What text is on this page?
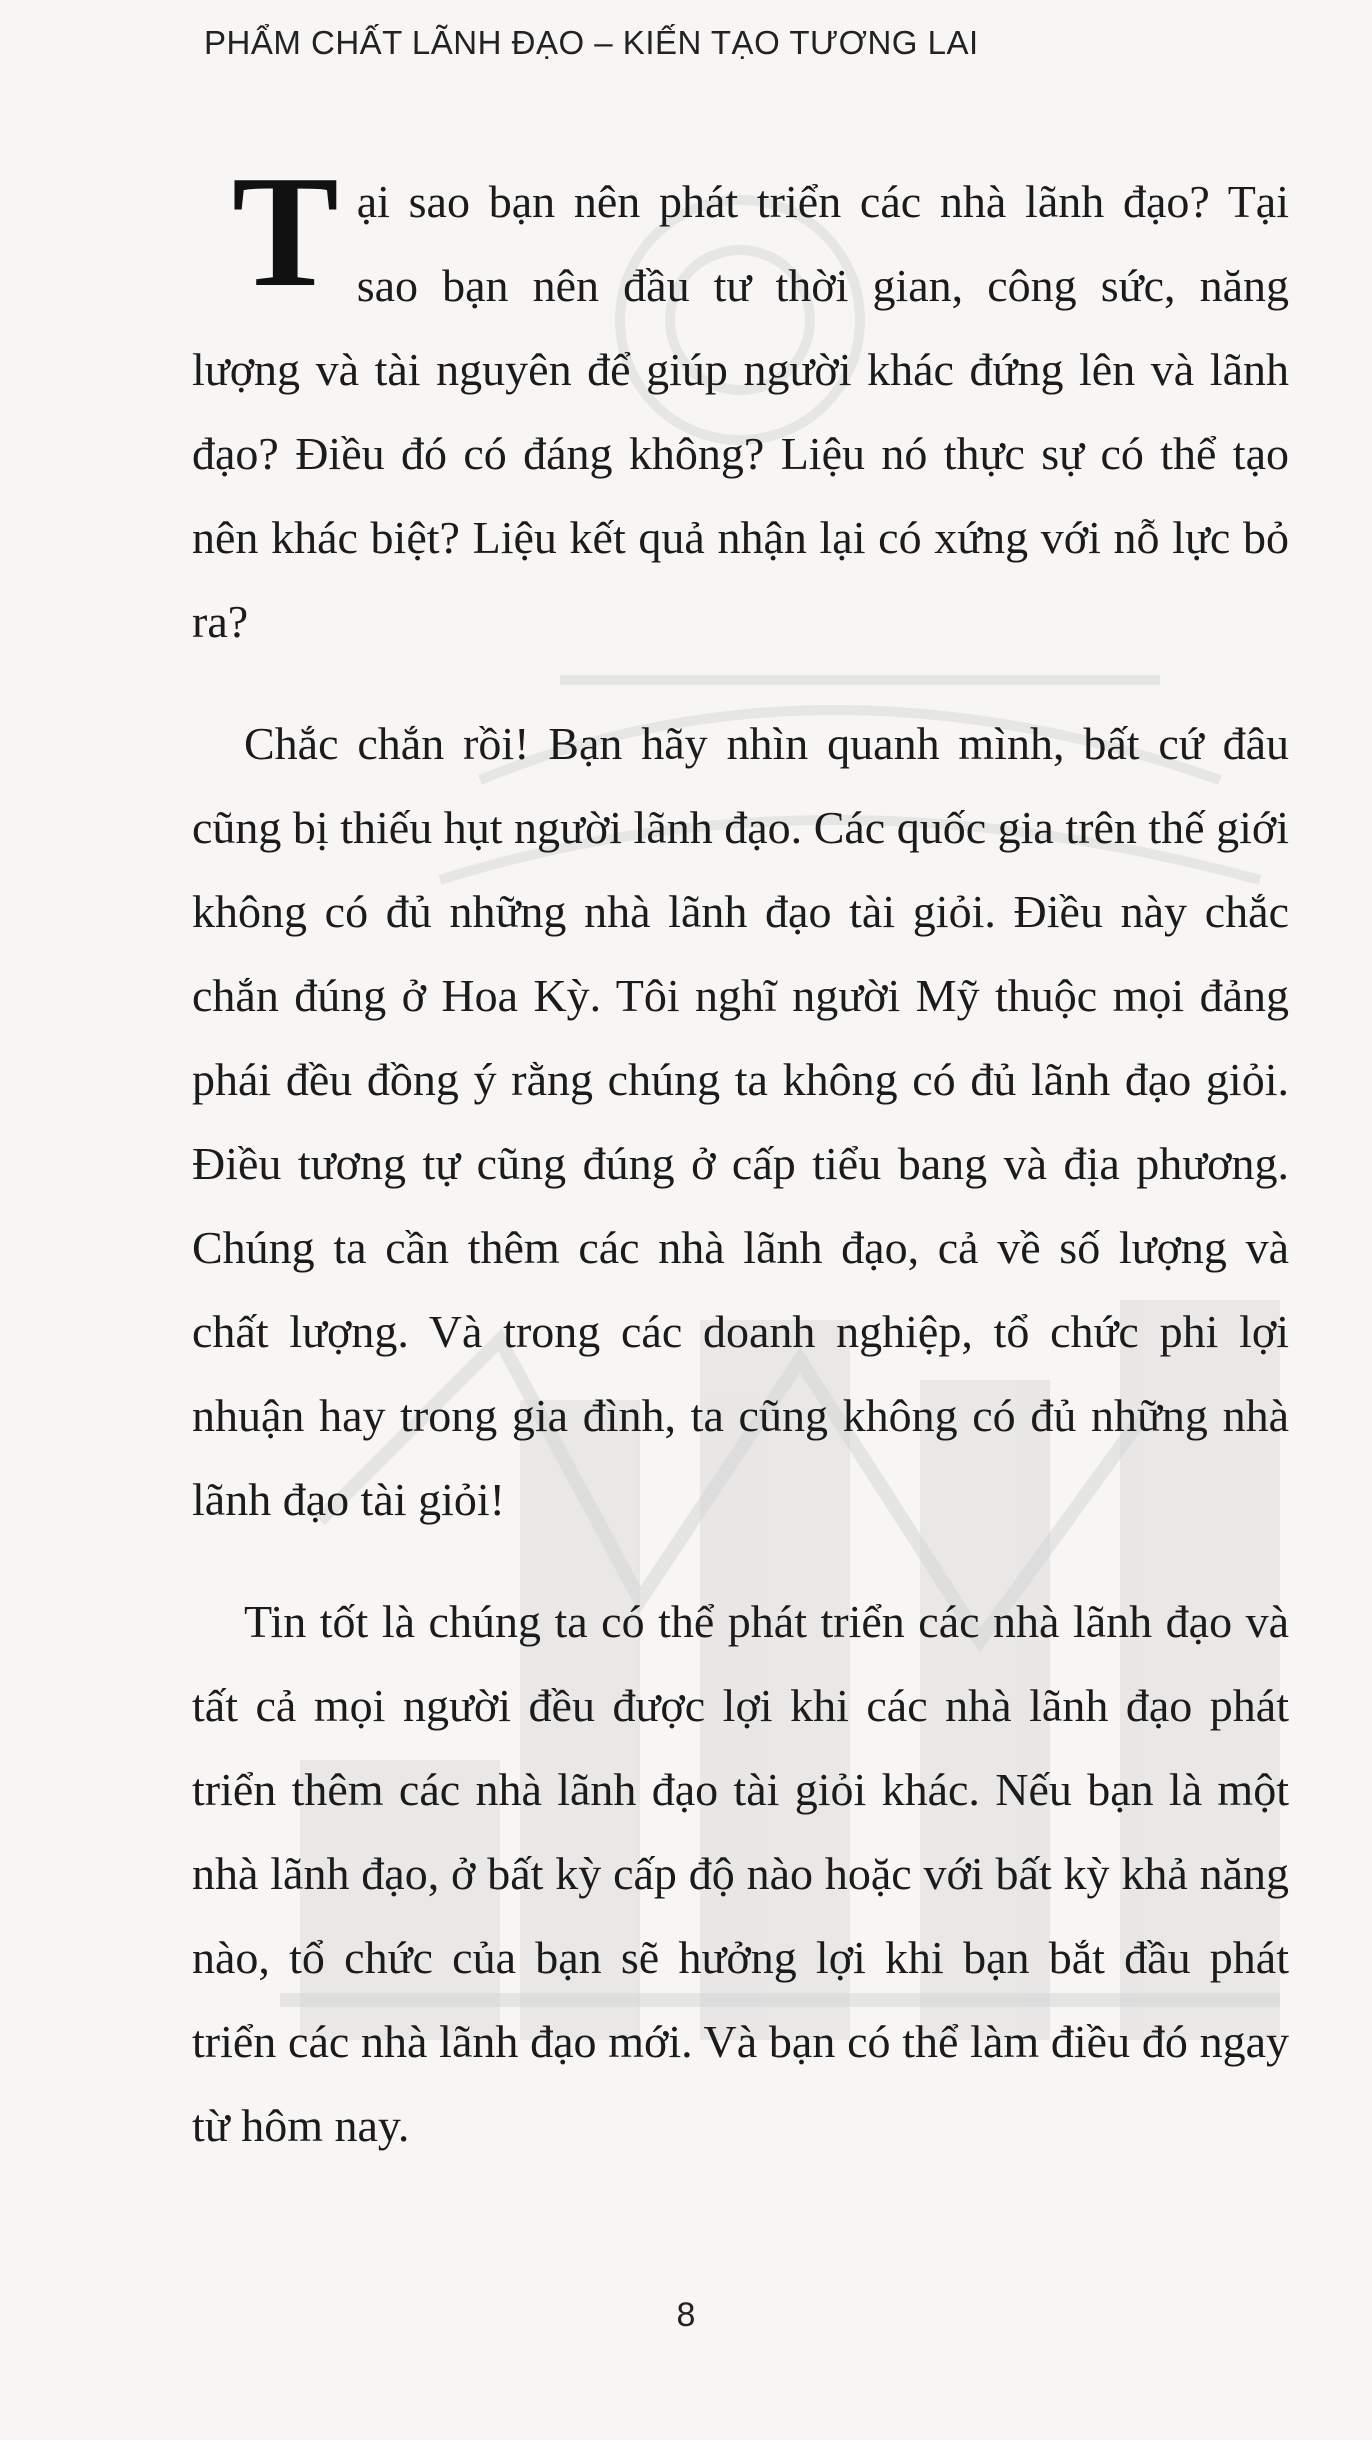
PHẨM CHẤT LÃNH ĐẠO – KIẾN TẠO TƯƠNG LAI

Tại sao bạn nên phát triển các nhà lãnh đạo? Tại sao bạn nên đầu tư thời gian, công sức, năng lượng và tài nguyên để giúp người khác đứng lên và lãnh đạo? Điều đó có đáng không? Liệu nó thực sự có thể tạo nên khác biệt? Liệu kết quả nhận lại có xứng với nỗ lực bỏ ra?

Chắc chắn rồi! Bạn hãy nhìn quanh mình, bất cứ đâu cũng bị thiếu hụt người lãnh đạo. Các quốc gia trên thế giới không có đủ những nhà lãnh đạo tài giỏi. Điều này chắc chắn đúng ở Hoa Kỳ. Tôi nghĩ người Mỹ thuộc mọi đảng phái đều đồng ý rằng chúng ta không có đủ lãnh đạo giỏi. Điều tương tự cũng đúng ở cấp tiểu bang và địa phương. Chúng ta cần thêm các nhà lãnh đạo, cả về số lượng và chất lượng. Và trong các doanh nghiệp, tổ chức phi lợi nhuận hay trong gia đình, ta cũng không có đủ những nhà lãnh đạo tài giỏi!

Tin tốt là chúng ta có thể phát triển các nhà lãnh đạo và tất cả mọi người đều được lợi khi các nhà lãnh đạo phát triển thêm các nhà lãnh đạo tài giỏi khác. Nếu bạn là một nhà lãnh đạo, ở bất kỳ cấp độ nào hoặc với bất kỳ khả năng nào, tổ chức của bạn sẽ hưởng lợi khi bạn bắt đầu phát triển các nhà lãnh đạo mới. Và bạn có thể làm điều đó ngay từ hôm nay.

8
